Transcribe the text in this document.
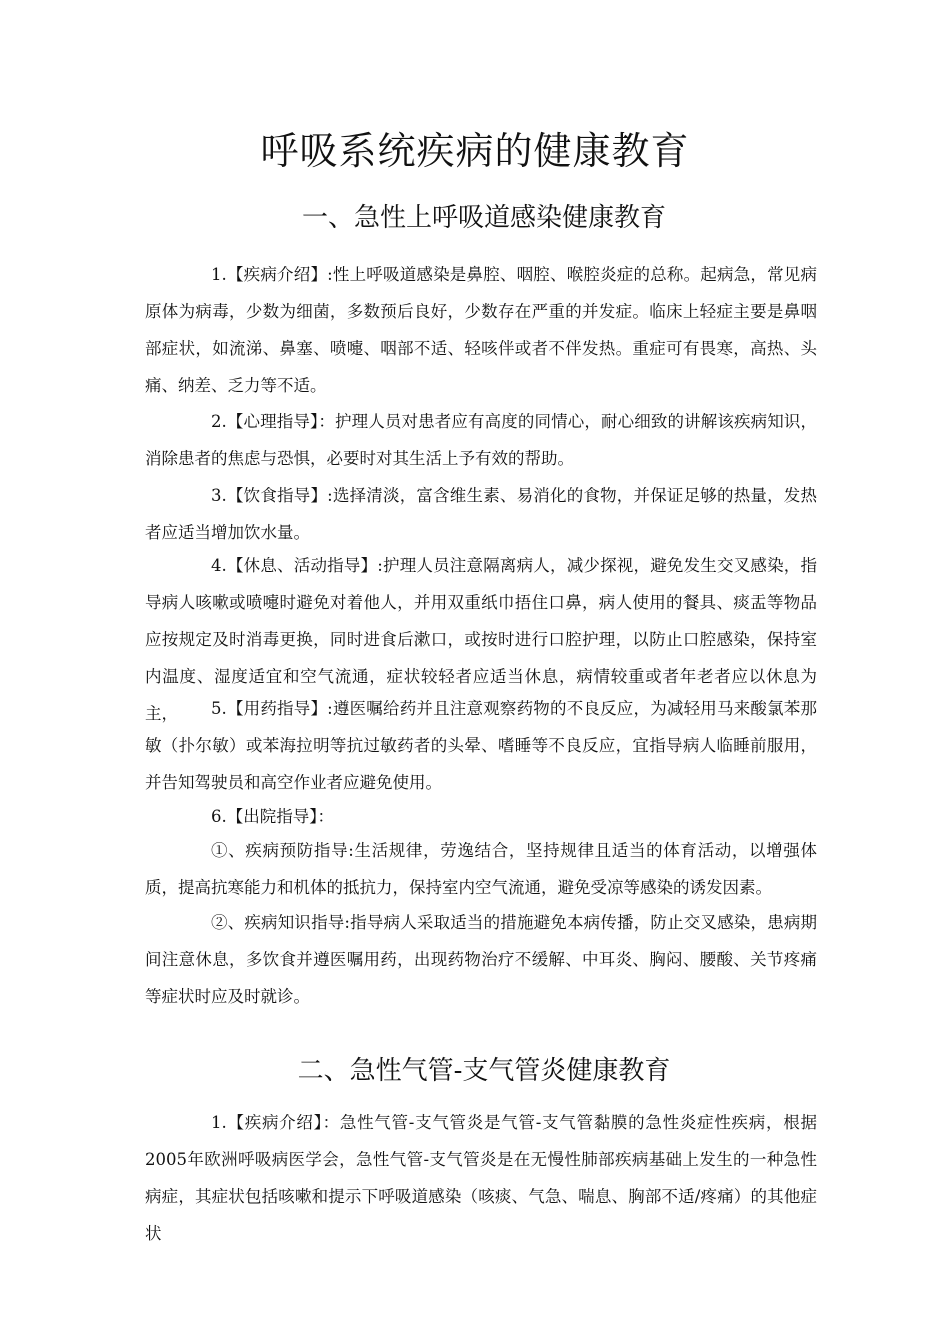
呼吸系统疾病的健康教育
一、急性上呼吸道感染健康教育

1.【疾病介绍】:性上呼吸道感染是鼻腔、咽腔、喉腔炎症的总称。起病急，常见病原体为病毒，少数为细菌，多数预后良好，少数存在严重的并发症。临床上轻症主要是鼻咽部症状，如流涕、鼻塞、喷嚏、咽部不适、轻咳伴或者不伴发热。重症可有畏寒，高热、头痛、纳差、乏力等不适。

2.【心理指导】：护理人员对患者应有高度的同情心，耐心细致的讲解该疾病知识，消除患者的焦虑与恐惧，必要时对其生活上予有效的帮助。

3.【饮食指导】:选择清淡，富含维生素、易消化的食物，并保证足够的热量，发热者应适当增加饮水量。

4.【休息、活动指导】:护理人员注意隔离病人，减少探视，避免发生交叉感染，指导病人咳嗽或喷嚏时避免对着他人，并用双重纸巾捂住口鼻，病人使用的餐具、痰盂等物品应按规定及时消毒更换，同时进食后漱口，或按时进行口腔护理，以防止口腔感染，保持室内温度、湿度适宜和空气流通，症状较轻者应适当休息，病情较重或者年老者应以休息为主，	5.【用药指导】:遵医嘱给药并且注意观察药物的不良反应，为减轻用马来酸氯苯那敏（扑尔敏）或苯海拉明等抗过敏药者的头晕、嗜睡等不良反应，宜指导病人临睡前服用，并告知驾驶员和高空作业者应避免使用。

6.【出院指导】：

①、疾病预防指导:生活规律，劳逸结合，坚持规律且适当的体育活动，以增强体质，提高抗寒能力和机体的抵抗力，保持室内空气流通，避免受凉等感染的诱发因素。

②、疾病知识指导:指导病人采取适当的措施避免本病传播，防止交叉感染，患病期间注意休息，多饮食并遵医嘱用药，出现药物治疗不缓解、中耳炎、胸闷、腰酸、关节疼痛等症状时应及时就诊。

二、急性气管-支气管炎健康教育

1.【疾病介绍】：急性气管-支气管炎是气管-支气管黏膜的急性炎症性疾病，根据2005年欧洲呼吸病医学会，急性气管-支气管炎是在无慢性肺部疾病基础上发生的一种急性病症，其症状包括咳嗽和提示下呼吸道感染（咳痰、气急、喘息、胸部不适/疼痛）的其他症状
